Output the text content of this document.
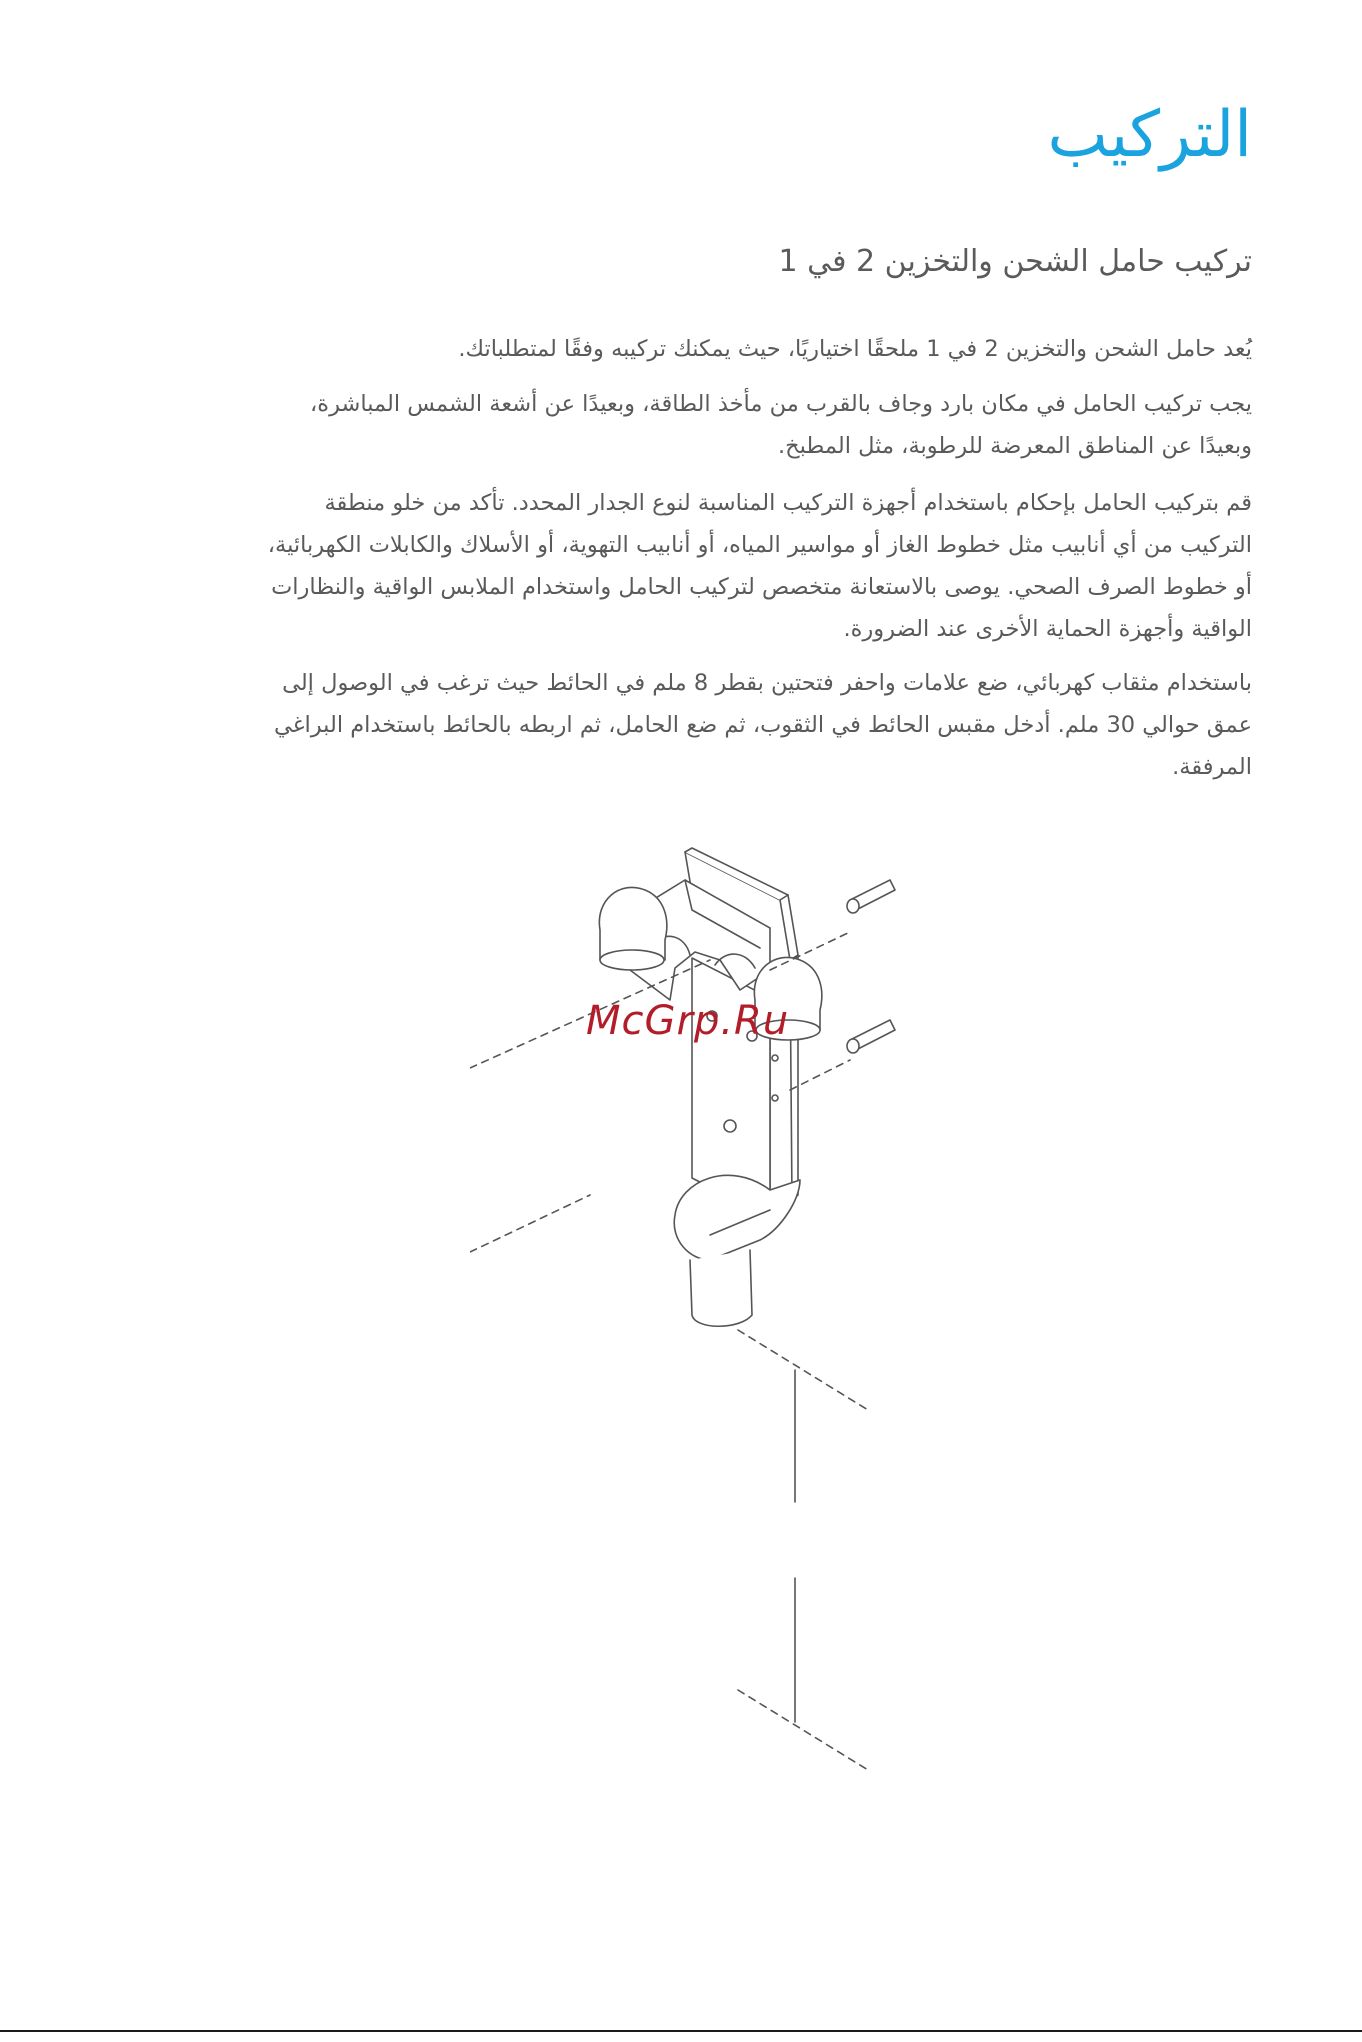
التركيب
تركيب حامل الشحن والتخزين 2 في 1

يُعد حامل الشحن والتخزين 2 في 1 ملحقًا اختياريًا، حيث يمكنك تركيبه وفقًا لمتطلباتك.

يجب تركيب الحامل في مكان بارد وجاف بالقرب من مأخذ الطاقة، وبعيدًا عن أشعة الشمس المباشرة، وبعيدًا عن المناطق المعرضة للرطوبة، مثل المطبخ.

قم بتركيب الحامل بإحكام باستخدام أجهزة التركيب المناسبة لنوع الجدار المحدد. تأكد من خلو منطقة التركيب من أي أنابيب مثل خطوط الغاز أو مواسير المياه، أو أنابيب التهوية، أو الأسلاك والكابلات الكهربائية، أو خطوط الصرف الصحي. يوصى بالاستعانة متخصص لتركيب الحامل واستخدام الملابس الواقية والنظارات الواقية وأجهزة الحماية الأخرى عند الضرورة.

باستخدام مثقاب كهربائي، ضع علامات واحفر فتحتين بقطر 8 ملم في الحائط حيث ترغب في الوصول إلى عمق حوالي 30 ملم. أدخل مقبس الحائط في الثقوب، ثم ضع الحامل، ثم اربطه بالحائط باستخدام البراغي المرفقة.

McGrp.Ru
